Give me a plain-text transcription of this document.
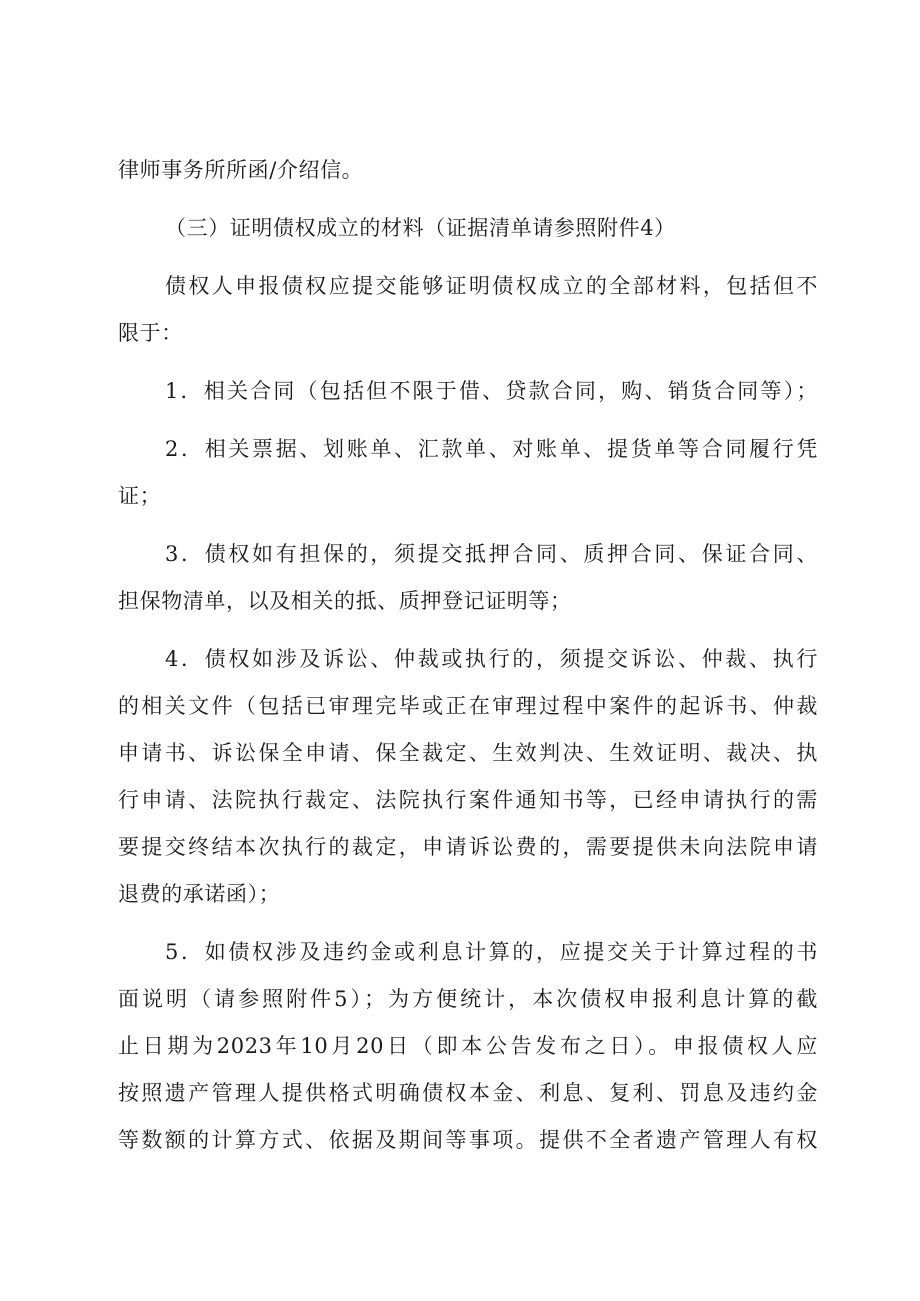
律师事务所所函/介绍信。
（三）证明债权成立的材料（证据清单请参照附件4）
债权人申报债权应提交能够证明债权成立的全部材料，包括但不
限于：
1．相关合同（包括但不限于借、贷款合同，购、销货合同等）；
2．相关票据、划账单、汇款单、对账单、提货单等合同履行凭
证；
3．债权如有担保的，须提交抵押合同、质押合同、保证合同、
担保物清单，以及相关的抵、质押登记证明等；
4．债权如涉及诉讼、仲裁或执行的，须提交诉讼、仲裁、执行
的相关文件（包括已审理完毕或正在审理过程中案件的起诉书、仲裁
申请书、诉讼保全申请、保全裁定、生效判决、生效证明、裁决、执
行申请、法院执行裁定、法院执行案件通知书等，已经申请执行的需
要提交终结本次执行的裁定，申请诉讼费的，需要提供未向法院申请
退费的承诺函）；
5．如债权涉及违约金或利息计算的，应提交关于计算过程的书
面说明（请参照附件5）；为方便统计，本次债权申报利息计算的截
止日期为2023年10月20日（即本公告发布之日）。申报债权人应
按照遗产管理人提供格式明确债权本金、利息、复利、罚息及违约金
等数额的计算方式、依据及期间等事项。提供不全者遗产管理人有权
